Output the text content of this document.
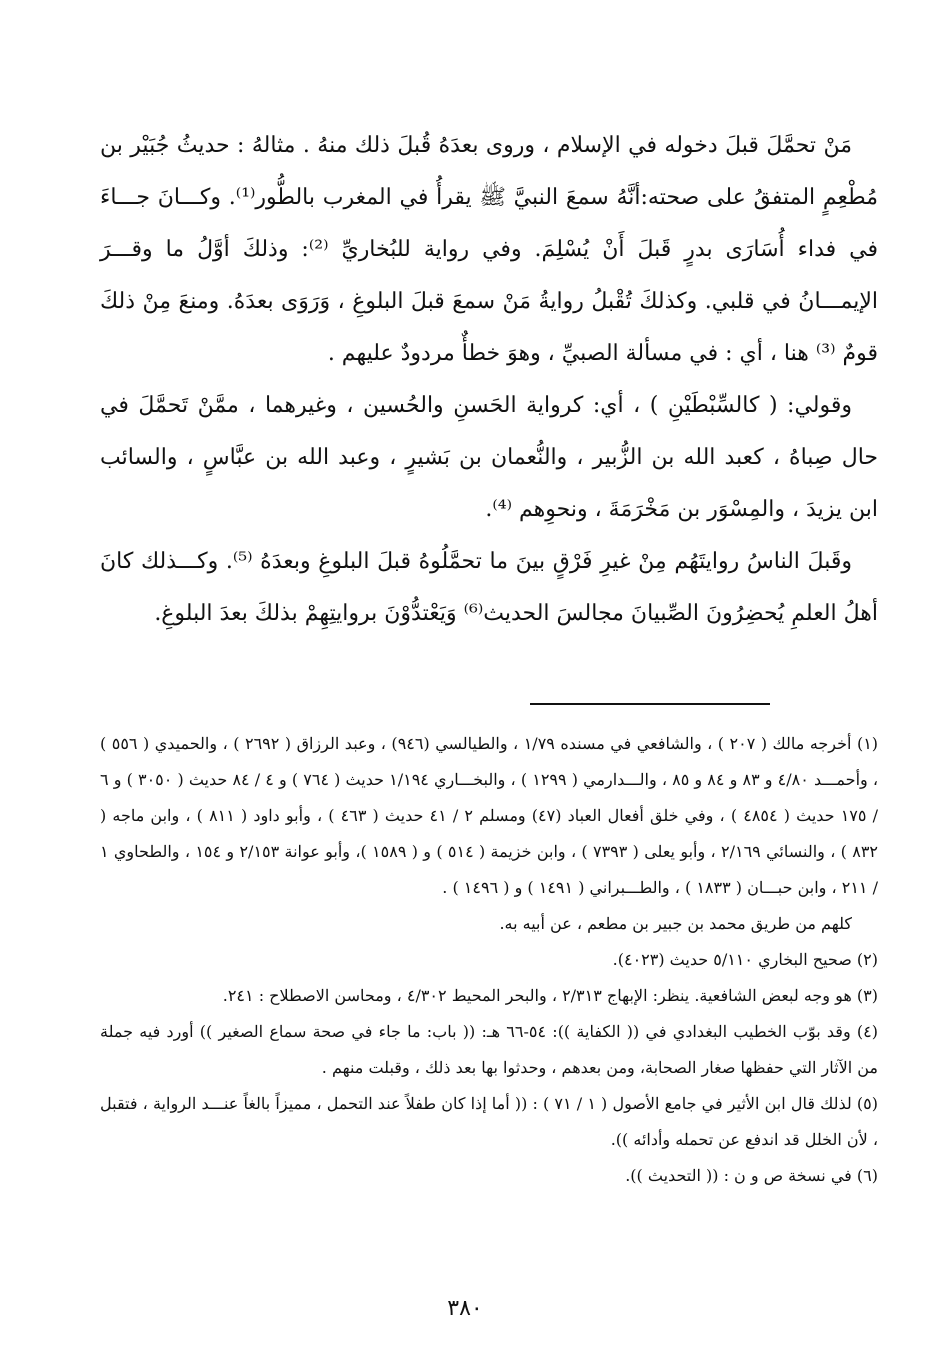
مَنْ تحمَّلَ قبلَ دخوله في الإسلام ، وروى بعدَهُ قُبلَ ذلك منهُ . مثالهُ : حديثُ جُبَيْر بن مُطْعِمٍ المتفقُ على صحته:أنَّهُ سمعَ النبيَّ ﷺ يقرأُ في المغرب بالطُّور⁽¹⁾. وكـــانَ جـــاءَ في فداء أُسَارَى بدرٍ قَبلَ أَنْ يُسْلِمَ. وفي رواية للبُخاريِّ ⁽²⁾: وذلكَ أوَّلُ ما وقـــرَ الإيمـــانُ في قلبي. وكذلكَ تُقْبلُ روايةُ مَنْ سمعَ قبلَ البلوغِ ، وَرَوَى بعدَهُ. ومنعَ مِنْ ذلكَ قومٌ ⁽³⁾ هنا ، أي : في مسألة الصبيِّ ، وهوَ خطأٌ مردودٌ عليهم .

وقولي: ( كالسِّبْطَيْنِ ) ، أي: كرواية الحَسنِ والحُسين ، وغيرهما ، ممَّنْ تَحمَّلَ في حال صِباهُ ، كعبد الله بن الزُّبير ، والنُّعمان بن بَشيرٍ ، وعبد الله بن عبَّاسٍ ، والسائب ابن يزيدَ ، والمِسْوَر بن مَخْرَمَةَ ، ونحوِهم ⁽⁴⁾.

وقَبلَ الناسُ روايتَهُم مِنْ غيرِ فَرْقٍ بينَ ما تحمَّلُوهُ قبلَ البلوغِ وبعدَهُ ⁽⁵⁾. وكـــذلك كانَ أهلُ العلمِ يُحضِرُونَ الصِّبيانَ مجالسَ الحديث⁽⁶⁾ وَيَعْتدُّوْنَ بروايتِهِمْ بذلكَ بعدَ البلوغِ.

(١) أخرجه مالك ( ٢٠٧ ) ، والشافعي في مسنده ١/٧٩ ، والطيالسي (٩٤٦) ، وعبد الرزاق ( ٢٦٩٢ ) ، والحميدي ( ٥٥٦ ) ، وأحمـــد ٤/٨٠ و ٨٣ و ٨٤ و ٨٥ ، والـــدارمي ( ١٢٩٩ ) ، والبخـــاري ١/١٩٤ حديث ( ٧٦٤ ) و ٤ / ٨٤ حديث ( ٣٠٥٠ ) و ٦ / ١٧٥ حديث ( ٤٨٥٤ ) ، وفي خلق أفعال العباد (٤٧) ومسلم ٢ / ٤١ حديث ( ٤٦٣ ) ، وأبو داود ( ٨١١ ) ، وابن ماجه ( ٨٣٢ ) ، والنسائي ٢/١٦٩ ، وأبو يعلى ( ٧٣٩٣ ) ، وابن خزيمة ( ٥١٤ ) و ( ١٥٨٩ )، وأبو عوانة ٢/١٥٣ و ١٥٤ ، والطحاوي ١ / ٢١١ ، وابن حبـــان ( ١٨٣٣ ) ، والطـــبراني ( ١٤٩١ ) و ( ١٤٩٦ ) .

كلهم من طريق محمد بن جبير بن مطعم ، عن أبيه به.

(٢) صحيح البخاري ٥/١١٠ حديث (٤٠٢٣).

(٣) هو وجه لبعض الشافعية. ينظر: الإبهاج ٢/٣١٣ ، والبحر المحيط ٤/٣٠٢ ، ومحاسن الاصطلاح : ٢٤١.

(٤) وقد بوّب الخطيب البغدادي في (( الكفاية )): ٥٤-٦٦ هـ: (( باب: ما جاء في صحة سماع الصغير )) أورد فيه جملة من الآثار التي حفظها صغار الصحابة، ومن بعدهم ، وحدثوا بها بعد ذلك ، وقبلت منهم .

(٥) لذلك قال ابن الأثير في جامع الأصول ( ١ / ٧١ ) : (( أما إذا كان طفلاً عند التحمل ، مميزاً بالغاً عنـــد الرواية ، فتقبل ، لأن الخلل قد اندفع عن تحمله وأدائه )).

(٦) في نسخة ص و ن : (( التحديث )).

٣٨٠
